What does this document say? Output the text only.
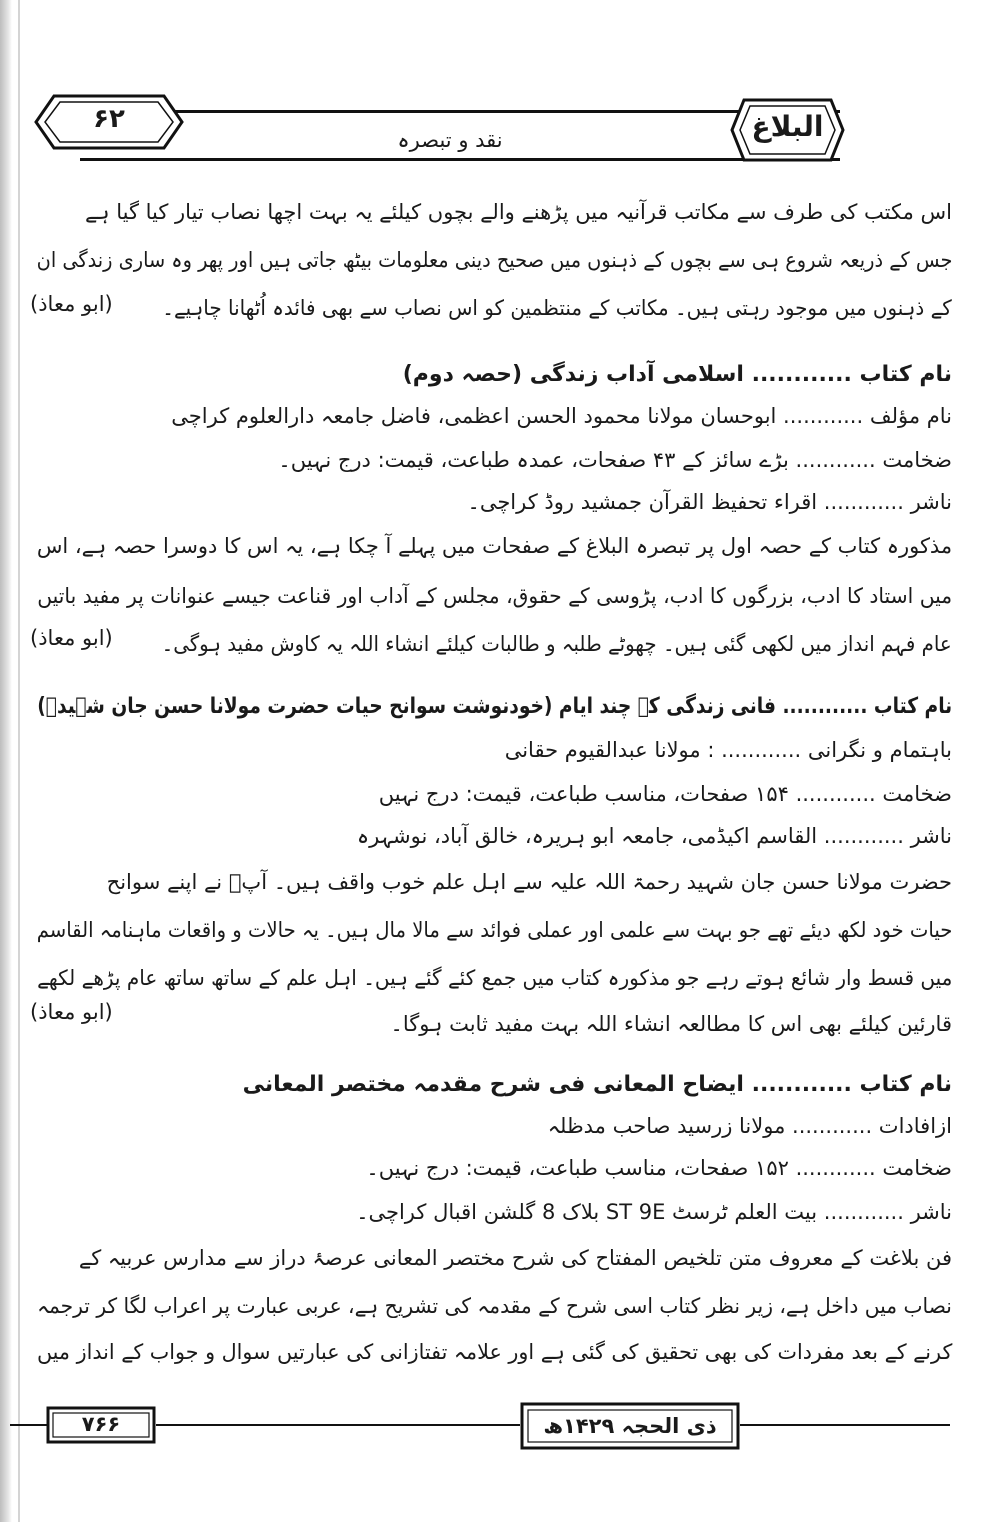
۶۲
نقد و تبصرہ	البلاغ
اس مکتب کی طرف سے مکاتب قرآنیہ میں پڑھنے والے بچوں کیلئے یہ بہت اچھا نصاب تیار کیا گیا ہے
جس کے ذریعہ شروع ہی سے بچوں کے ذہنوں میں صحیح دینی معلومات بیٹھ جاتی ہیں اور پھر وہ ساری زندگی ان
کے ذہنوں میں موجود رہتی ہیں۔ مکاتب کے منتظمین کو اس نصاب سے بھی فائدہ اُٹھانا چاہیے۔
(ابو معاذ)
نام کتاب ............ اسلامی آداب زندگی (حصہ دوم)
نام مؤلف ............ ابوحسان مولانا محمود الحسن اعظمی، فاضل جامعہ دارالعلوم کراچی
ضخامت ............ بڑے سائز کے ۴۳ صفحات، عمدہ طباعت، قیمت: درج نہیں۔
ناشر ............ اقراء تحفیظ القرآن جمشید روڈ کراچی۔
مذکورہ کتاب کے حصہ اول پر تبصرہ البلاغ کے صفحات میں پہلے آ چکا ہے، یہ اس کا دوسرا حصہ ہے، اس
میں استاد کا ادب، بزرگوں کا ادب، پڑوسی کے حقوق، مجلس کے آداب اور قناعت جیسے عنوانات پر مفید باتیں
عام فہم انداز میں لکھی گئی ہیں۔ چھوٹے طلبہ و طالبات کیلئے انشاء اللہ یہ کاوش مفید ہوگی۔
(ابو معاذ)
نام کتاب ............ فانی زندگی کے چند ایام (خودنوشت سوانح حیات حضرت مولانا حسن جان شہیدؒ)
باہتمام و نگرانی ............ : مولانا عبدالقیوم حقانی
ضخامت ............ ۱۵۴ صفحات، مناسب طباعت، قیمت: درج نہیں
ناشر ............ القاسم اکیڈمی، جامعہ ابو ہریرہ، خالق آباد، نوشہرہ
حضرت مولانا حسن جان شہید رحمۃ اللہ علیہ سے اہل علم خوب واقف ہیں۔ آپؒ نے اپنے سوانح
حیات خود لکھ دیئے تھے جو بہت سے علمی اور عملی فوائد سے مالا مال ہیں۔ یہ حالات و واقعات ماہنامہ القاسم
میں قسط وار شائع ہوتے رہے جو مذکورہ کتاب میں جمع کئے گئے ہیں۔ اہل علم کے ساتھ ساتھ عام پڑھے لکھے
قارئین کیلئے بھی اس کا مطالعہ انشاء اللہ بہت مفید ثابت ہوگا۔
(ابو معاذ)
نام کتاب ............ ایضاح المعانی فی شرح مقدمہ مختصر المعانی
ازافادات ............ مولانا زرسید صاحب مدظلہ
ضخامت ............ ۱۵۲ صفحات، مناسب طباعت، قیمت: درج نہیں۔
ناشر ............ بیت العلم ٹرسٹ ST 9E بلاک 8 گلشن اقبال کراچی۔
فن بلاغت کے معروف متن تلخیص المفتاح کی شرح مختصر المعانی عرصۂ دراز سے مدارس عربیہ کے
نصاب میں داخل ہے، زیر نظر کتاب اسی شرح کے مقدمہ کی تشریح ہے، عربی عبارت پر اعراب لگا کر ترجمہ
کرنے کے بعد مفردات کی بھی تحقیق کی گئی ہے اور علامہ تفتازانی کی عبارتیں سوال و جواب کے انداز میں
۷۶۶	ذی الحجہ ۱۴۲۹ھ
